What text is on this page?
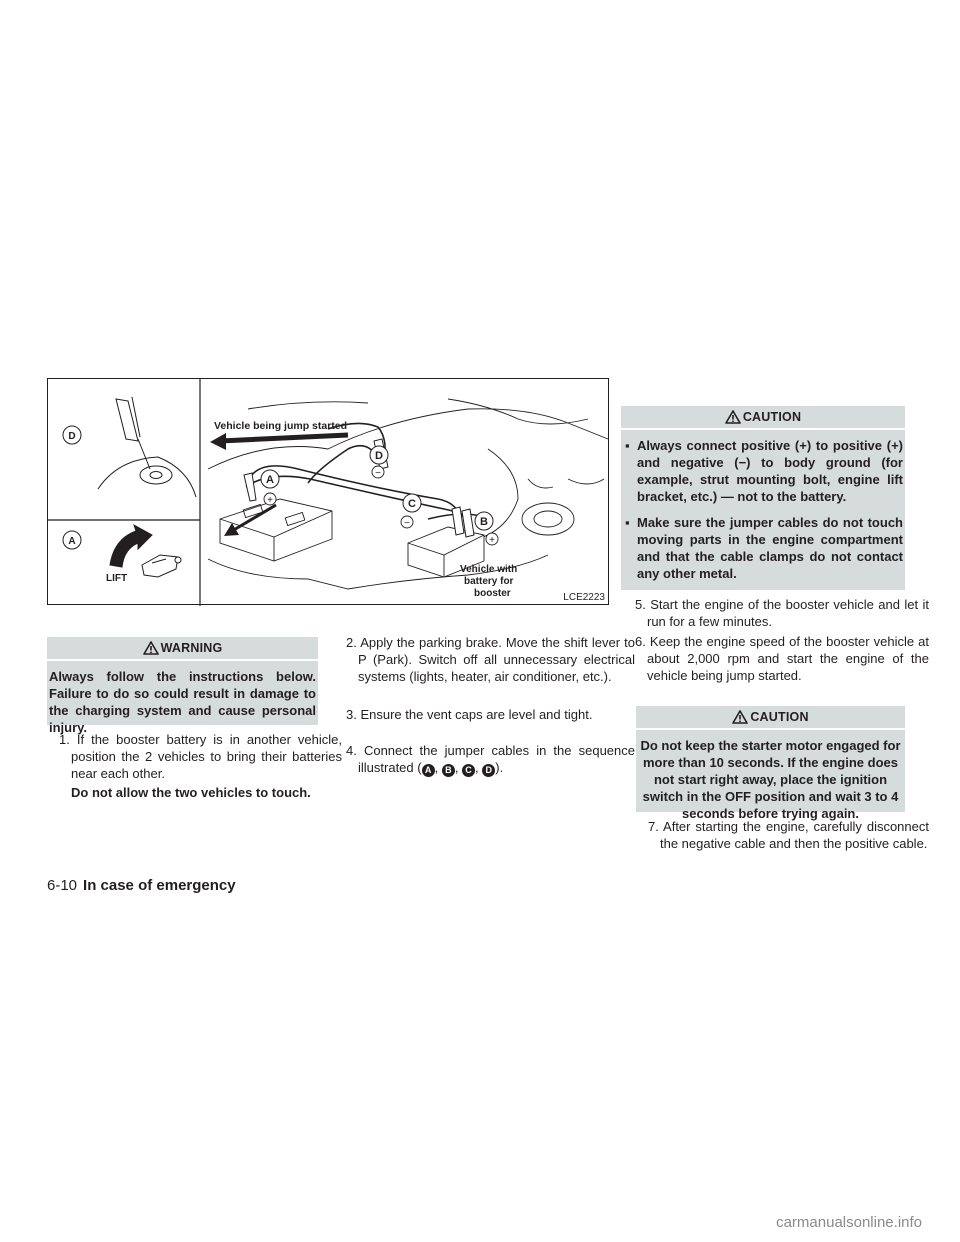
D
A
LIFT
A
D
C
B
+
−
−
+
Vehicle being jump started
Vehicle with
battery for
booster	LCE2223
WARNING
Always follow the instructions below. Failure to do so could result in damage to the charging system and cause personal injury.
1. If the booster battery is in another vehicle, position the 2 vehicles to bring their batteries near each other.
Do not allow the two vehicles to touch.
2. Apply the parking brake. Move the shift lever to P (Park). Switch off all unnecessary electrical systems (lights, heater, air conditioner, etc.).
3. Ensure the vent caps are level and tight.
4. Connect the jumper cables in the sequence illustrated ( A , B , C , D ).
CAUTION
▪ Always connect positive (+) to positive (+) and negative (−) to body ground (for example, strut mounting bolt, engine lift bracket, etc.) — not to the battery.
▪ Make sure the jumper cables do not touch moving parts in the engine compartment and that the cable clamps do not contact any other metal.
5. Start the engine of the booster vehicle and let it run for a few minutes.
6. Keep the engine speed of the booster vehicle at about 2,000 rpm and start the engine of the vehicle being jump started.
CAUTION
Do not keep the starter motor engaged for more than 10 seconds. If the engine does not start right away, place the ignition switch in the OFF position and wait 3 to 4 seconds before trying again.
7. After starting the engine, carefully disconnect the negative cable and then the positive cable.
6-10 In case of emergency
carmanualsonline.info
